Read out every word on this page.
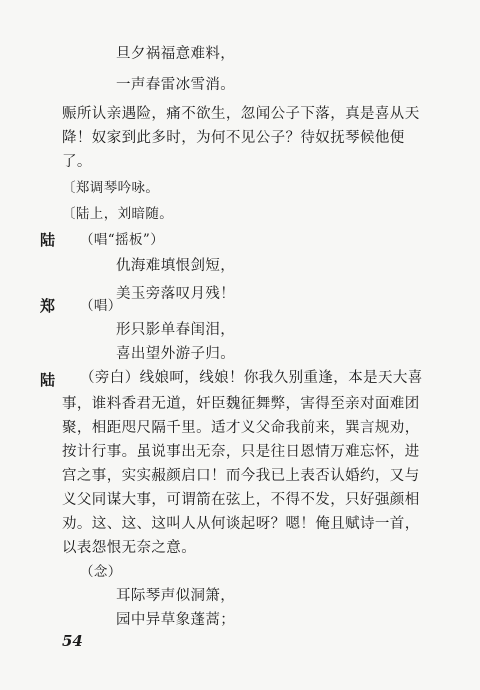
旦夕祸福意难料，
一声春雷冰雪消。
赈所认亲遇险，痛不欲生，忽闻公子下落，真是喜从天
降！奴家到此多时，为何不见公子？待奴抚琴候他便
了。
〔郑调琴吟咏。
〔陆上，刘暗随。
陆 （唱“摇板”）
仇海难填恨剑短，
美玉旁落叹月残！
郑 （唱）
形只影单春闺泪，
喜出望外游子归。
陆 （旁白）线娘呵，线娘！你我久别重逢，本是天大喜
事，谁料香君无道，奸臣魏征舞弊，害得至亲对面难团
聚，相距咫尺隔千里。适才义父命我前来，巽言规劝，
按计行事。虽说事出无奈，只是往日恩情万难忘怀，进
宫之事，实实赧颜启口！而今我已上表否认婚约，又与
义父同谋大事，可谓箭在弦上，不得不发，只好强颜相
劝。这、这、这叫人从何谈起呀？嗯！俺且赋诗一首，
以表怨恨无奈之意。
（念）
耳际琴声似洞箫，
园中异草象蓬蒿；
54
